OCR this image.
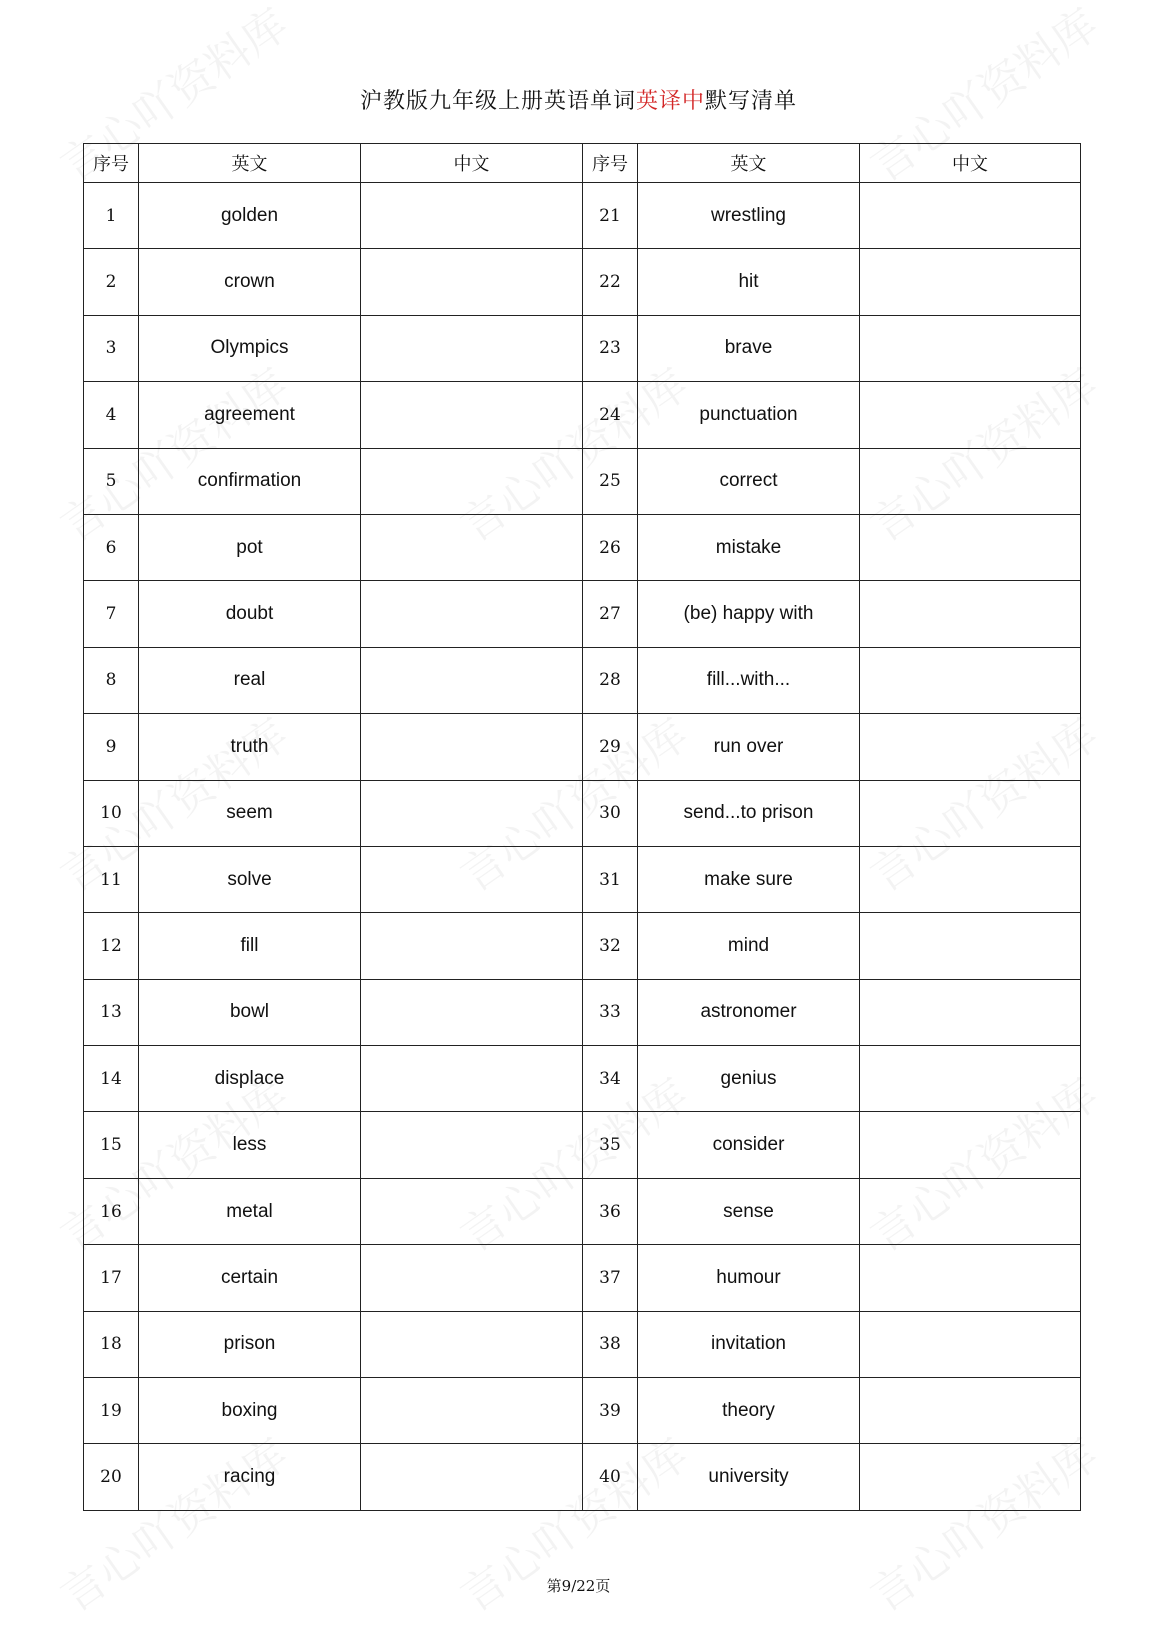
沪教版九年级上册英语单词英译中默写清单
序号	英文	中文	序号	英文	中文
1	golden		21	wrestling	
2	crown		22	hit	
3	Olympics		23	brave	
4	agreement		24	punctuation	
5	confirmation		25	correct	
6	pot		26	mistake	
7	doubt		27	(be) happy with	
8	real		28	fill...with...	
9	truth		29	run over	
10	seem		30	send...to prison	
11	solve		31	make sure	
12	fill		32	mind	
13	bowl		33	astronomer	
14	displace		34	genius	
15	less		35	consider	
16	metal		36	sense	
17	certain		37	humour	
18	prison		38	invitation	
19	boxing		39	theory	
20	racing		40	university	
第9/22页
